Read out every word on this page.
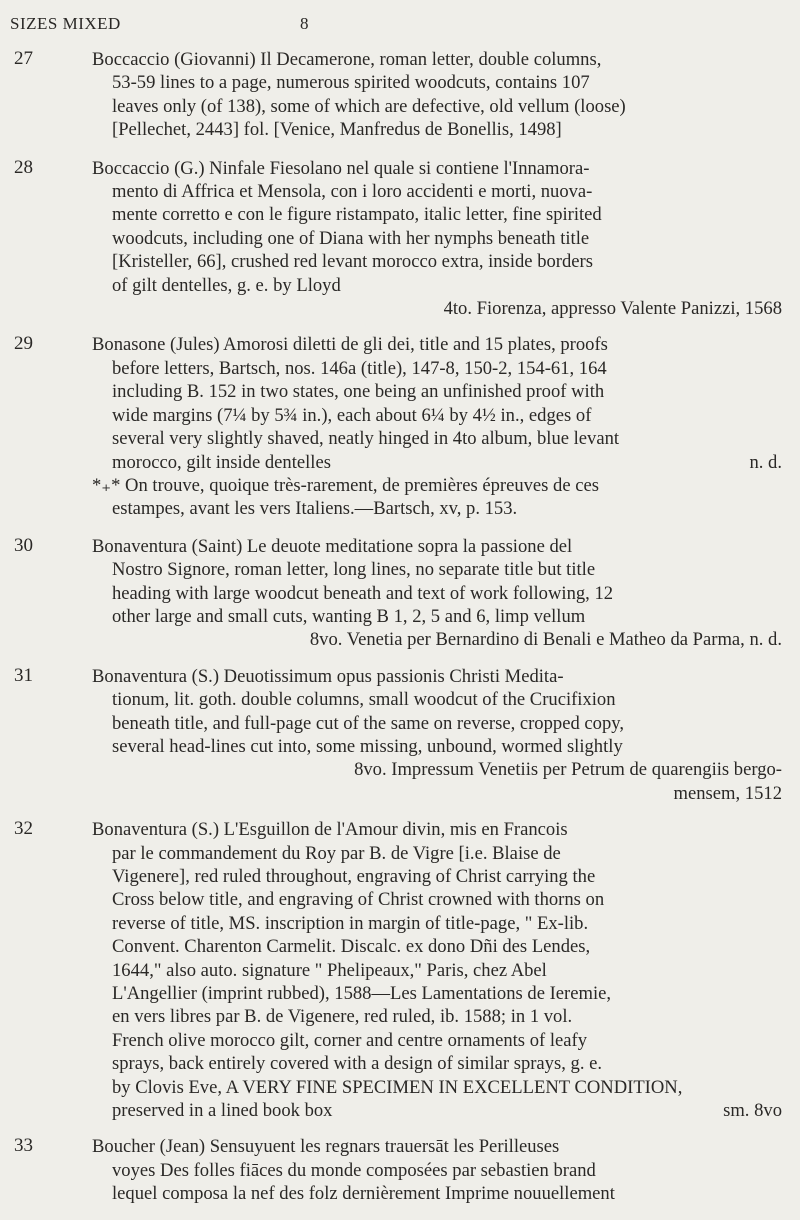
SIZES MIXED	8
27	Boccaccio (Giovanni) Il Decamerone, roman letter, double columns,
53-59 lines to a page, numerous spirited woodcuts, contains 107
leaves only (of 138), some of which are defective, old vellum (loose)
[Pellechet, 2443] fol. [Venice, Manfredus de Bonellis, 1498]
28	Boccaccio (G.) Ninfale Fiesolano nel quale si contiene l'Innamora-
mento di Affrica et Mensola, con i loro accidenti e morti, nuova-
mente corretto e con le figure ristampato, italic letter, fine spirited
woodcuts, including one of Diana with her nymphs beneath title
[Kristeller, 66], crushed red levant morocco extra, inside borders
of gilt dentelles, g. e. by Lloyd
4to. Fiorenza, appresso Valente Panizzi, 1568
29	Bonasone (Jules) Amorosi diletti de gli dei, title and 15 plates, proofs
before letters, Bartsch, nos. 146a (title), 147-8, 150-2, 154-61, 164
including B. 152 in two states, one being an unfinished proof with
wide margins (7¼ by 5¾ in.), each about 6¼ by 4½ in., edges of
several very slightly shaved, neatly hinged in 4to album, blue levant
morocco, gilt inside dentelles	n. d.
*₊* On trouve, quoique très-rarement, de premières épreuves de ces
estampes, avant les vers Italiens.—Bartsch, xv, p. 153.
30	Bonaventura (Saint) Le deuote meditatione sopra la passione del
Nostro Signore, roman letter, long lines, no separate title but title
heading with large woodcut beneath and text of work following, 12
other large and small cuts, wanting B 1, 2, 5 and 6, limp vellum
8vo. Venetia per Bernardino di Benali e Matheo da Parma, n. d.
31	Bonaventura (S.) Deuotissimum opus passionis Christi Medita-
tionum, lit. goth. double columns, small woodcut of the Crucifixion
beneath title, and full-page cut of the same on reverse, cropped copy,
several head-lines cut into, some missing, unbound, wormed slightly
8vo. Impressum Venetiis per Petrum de quarengiis bergo-
mensem, 1512
32	Bonaventura (S.) L'Esguillon de l'Amour divin, mis en Francois
par le commandement du Roy par B. de Vigre [i.e. Blaise de
Vigenere], red ruled throughout, engraving of Christ carrying the
Cross below title, and engraving of Christ crowned with thorns on
reverse of title, MS. inscription in margin of title-page, " Ex-lib.
Convent. Charenton Carmelit. Discalc. ex dono Dñi des Lendes,
1644," also auto. signature " Phelipeaux," Paris, chez Abel
L'Angellier (imprint rubbed), 1588—Les Lamentations de Ieremie,
en vers libres par B. de Vigenere, red ruled, ib. 1588; in 1 vol.
French olive morocco gilt, corner and centre ornaments of leafy
sprays, back entirely covered with a design of similar sprays, g. e.
by Clovis Eve, A VERY FINE SPECIMEN IN EXCELLENT CONDITION,
preserved in a lined book box	sm. 8vo
33	Boucher (Jean) Sensuyuent les regnars trauersāt les Perilleuses
voyes Des folles fiāces du monde composées par sebastien brand
lequel composa la nef des folz dernièrement Imprime nouuellement
